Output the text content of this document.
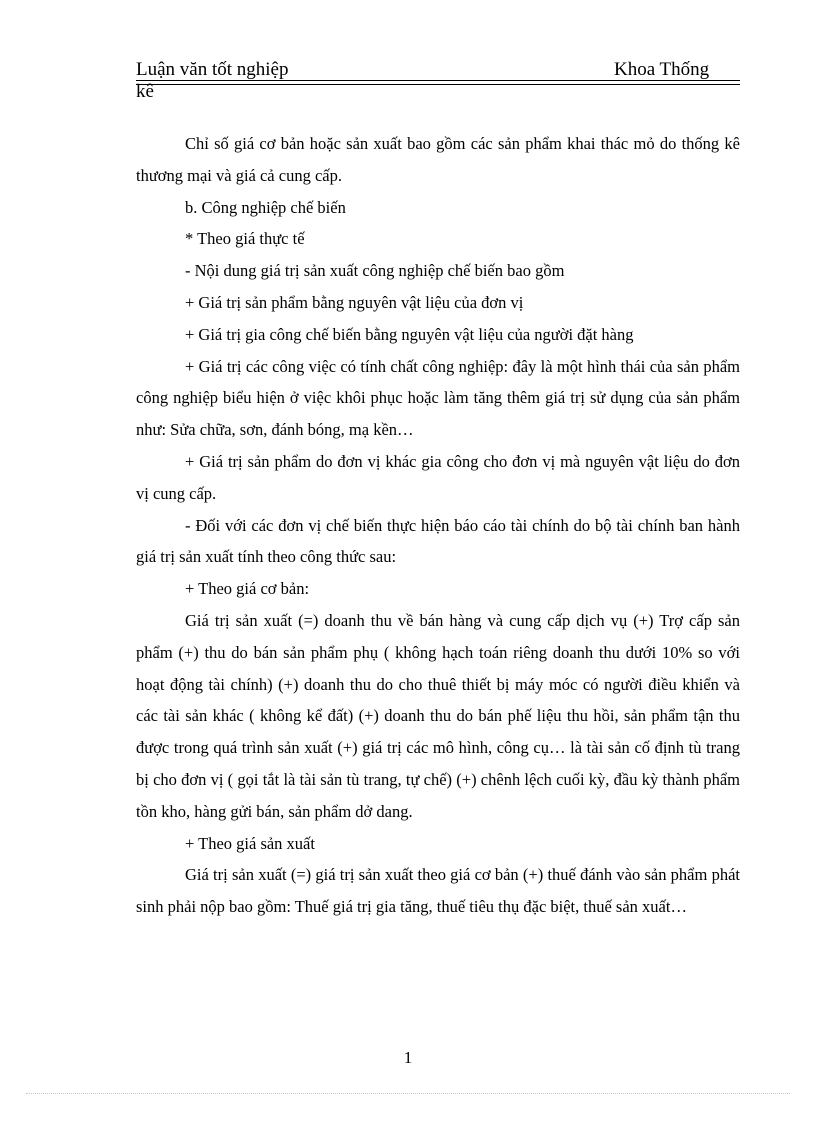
Luận văn tốt nghiệp	Khoa Thống
kê

Chỉ số giá cơ bản hoặc sản xuất bao gồm các sản phẩm khai thác mỏ do thống kê thương mại và giá cả cung cấp.

b. Công nghiệp chế biến

* Theo giá thực tế

- Nội dung giá trị sản xuất công nghiệp chế biến bao gồm

+ Giá trị sản phẩm bằng nguyên vật liệu của đơn vị

+ Giá trị gia công chế biến bằng nguyên vật liệu của người đặt hàng

+ Giá trị các công việc có tính chất công nghiệp: đây là một hình thái của sản phẩm công nghiệp biểu hiện ở việc khôi phục hoặc làm tăng thêm giá trị sử dụng của sản phẩm như: Sửa chữa, sơn, đánh bóng, mạ kền…

+ Giá trị sản phẩm do đơn vị khác gia công cho đơn vị mà nguyên vật liệu do đơn vị cung cấp.

- Đối với các đơn vị chế biến thực hiện báo cáo tài chính do bộ tài chính ban hành giá trị sản xuất tính theo công thức sau:

+ Theo giá cơ bản:

Giá trị sản xuất (=) doanh thu về bán hàng và cung cấp dịch vụ (+) Trợ cấp sản phẩm (+) thu do bán sản phẩm phụ ( không hạch toán riêng doanh thu dưới 10% so với hoạt động tài chính) (+) doanh thu do cho thuê thiết bị máy móc có người điều khiển và các tài sản khác ( không kể đất) (+) doanh thu do bán phế liệu thu hồi, sản phẩm tận thu được trong quá trình sản xuất (+) giá trị các mô hình, công cụ… là tài sản cố định tù trang bị cho đơn vị ( gọi tắt là tài sản tù trang, tự chế) (+) chênh lệch cuối kỳ, đầu kỳ thành phẩm tồn kho, hàng gửi bán, sản phẩm dở dang.

+ Theo giá sản xuất

Giá trị sản xuất (=) giá trị sản xuất theo giá cơ bản (+) thuế đánh vào sản phẩm phát sinh phải nộp bao gồm: Thuế giá trị gia tăng, thuế tiêu thụ đặc biệt, thuế sản xuất…

1
